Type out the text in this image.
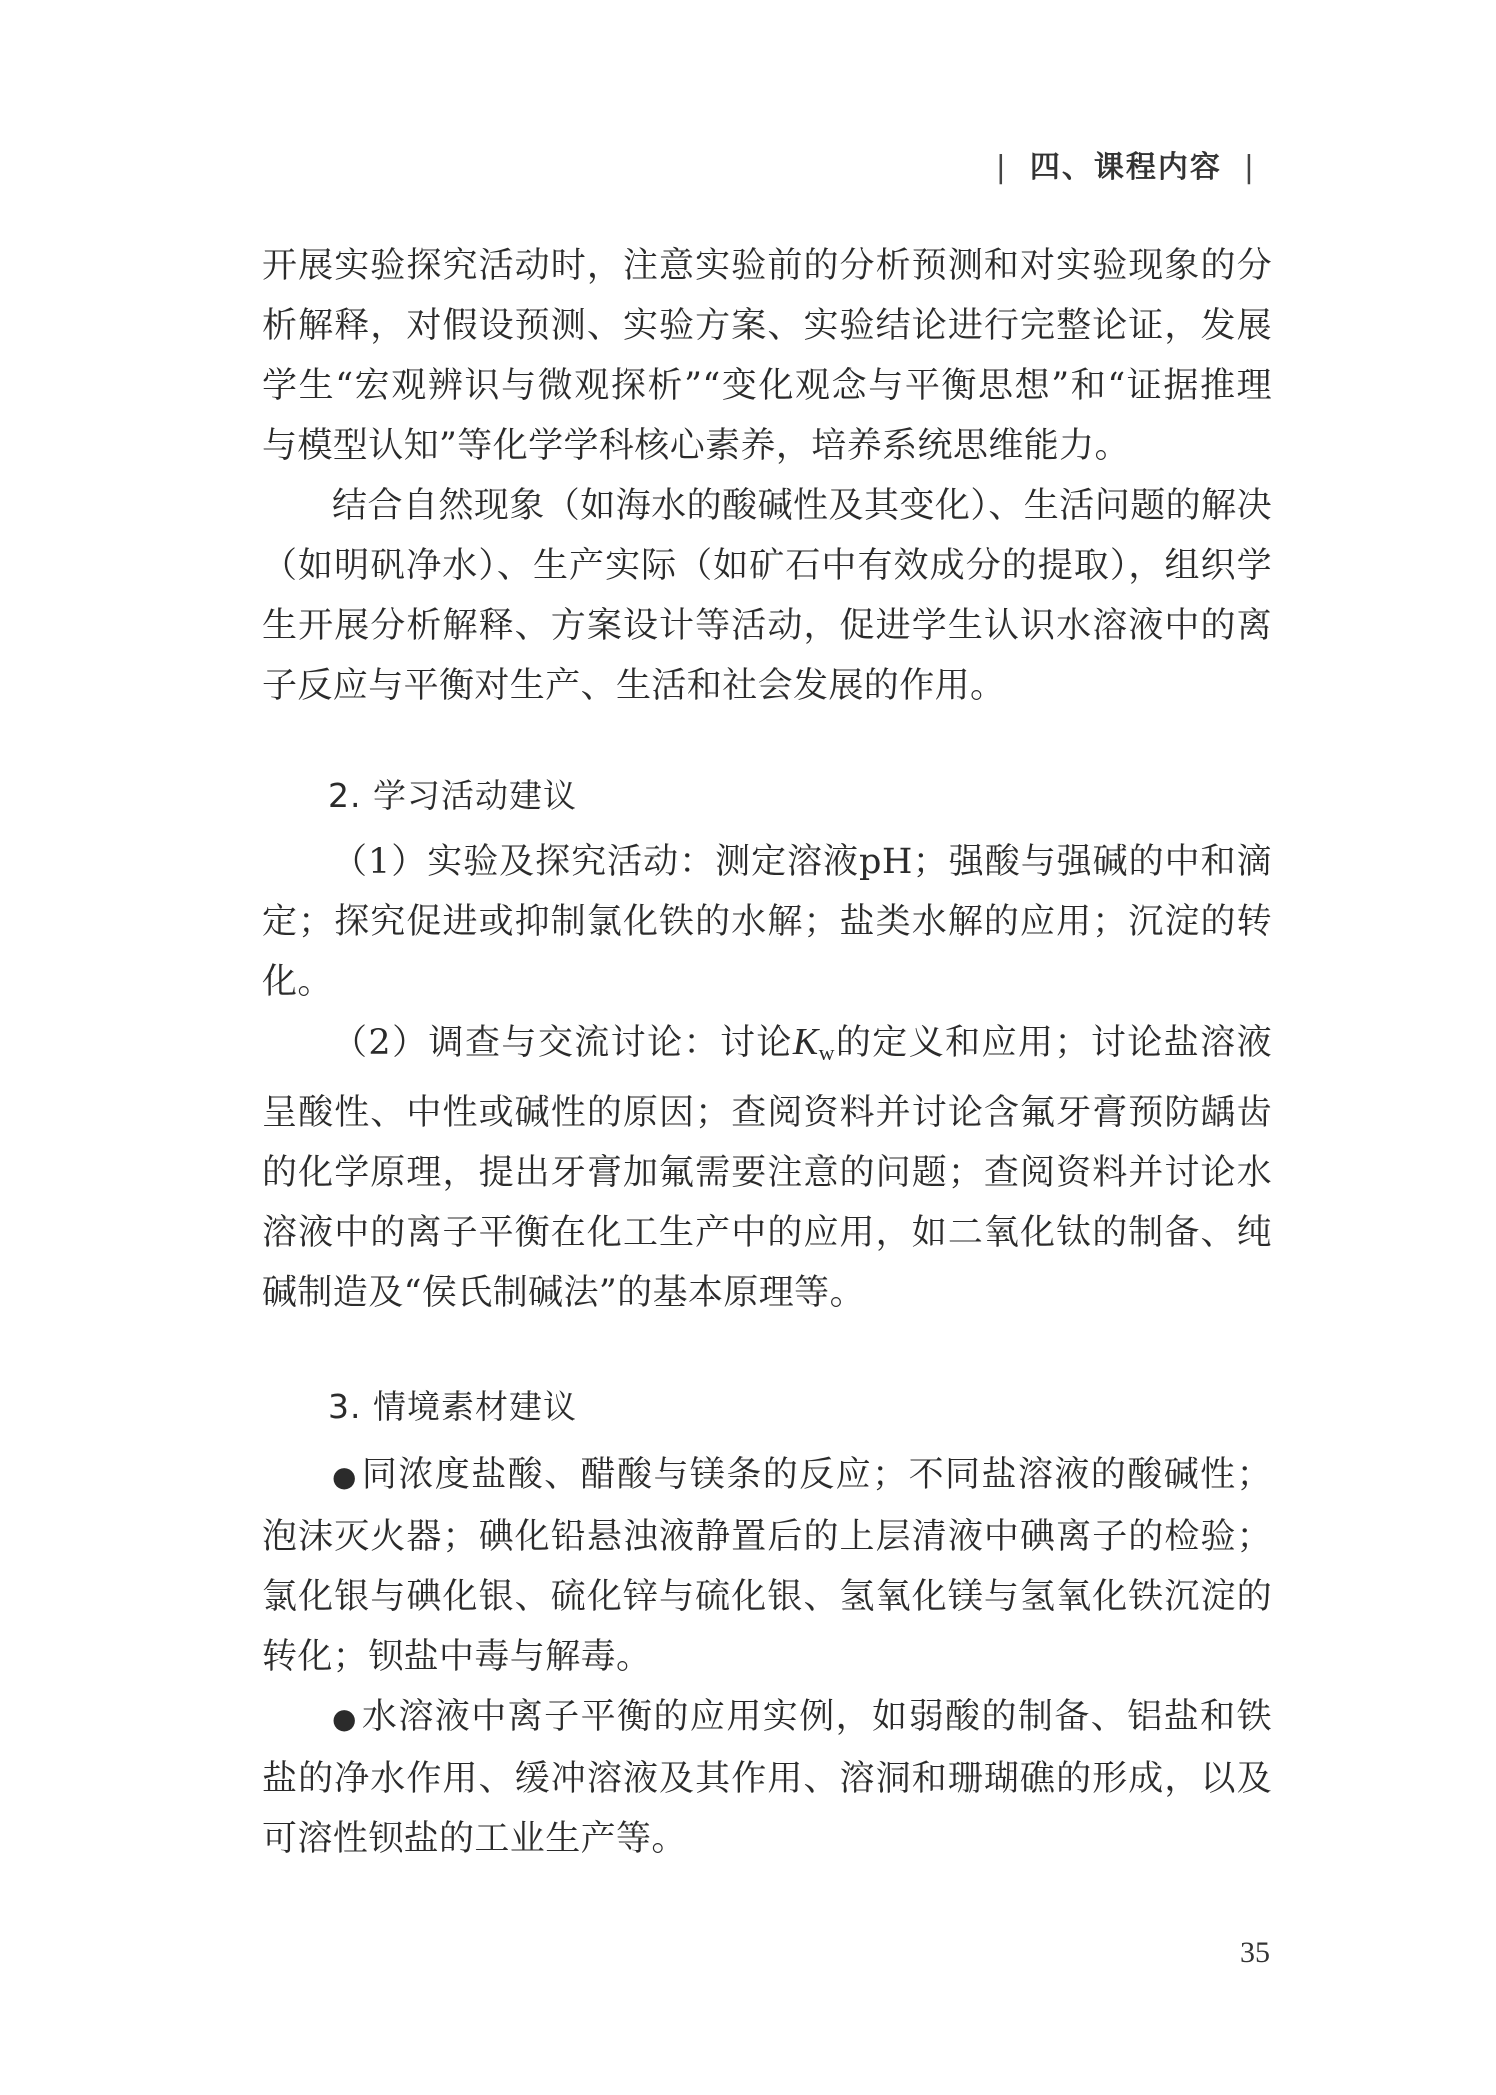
| 四、课程内容 |

开展实验探究活动时，注意实验前的分析预测和对实验现象的分析解释，对假设预测、实验方案、实验结论进行完整论证，发展学生“宏观辨识与微观探析”“变化观念与平衡思想”和“证据推理与模型认知”等化学学科核心素养，培养系统思维能力。

结合自然现象（如海水的酸碱性及其变化）、生活问题的解决（如明矾净水）、生产实际（如矿石中有效成分的提取），组织学生开展分析解释、方案设计等活动，促进学生认识水溶液中的离子反应与平衡对生产、生活和社会发展的作用。

2. 学习活动建议

（1）实验及探究活动：测定溶液pH；强酸与强碱的中和滴定；探究促进或抑制氯化铁的水解；盐类水解的应用；沉淀的转化。

（2）调查与交流讨论：讨论Kw的定义和应用；讨论盐溶液呈酸性、中性或碱性的原因；查阅资料并讨论含氟牙膏预防龋齿的化学原理，提出牙膏加氟需要注意的问题；查阅资料并讨论水溶液中的离子平衡在化工生产中的应用，如二氧化钛的制备、纯碱制造及“侯氏制碱法”的基本原理等。

3. 情境素材建议

● 同浓度盐酸、醋酸与镁条的反应；不同盐溶液的酸碱性；泡沫灭火器；碘化铅悬浊液静置后的上层清液中碘离子的检验；氯化银与碘化银、硫化锌与硫化银、氢氧化镁与氢氧化铁沉淀的转化；钡盐中毒与解毒。

● 水溶液中离子平衡的应用实例，如弱酸的制备、铝盐和铁盐的净水作用、缓冲溶液及其作用、溶洞和珊瑚礁的形成，以及可溶性钡盐的工业生产等。

35
